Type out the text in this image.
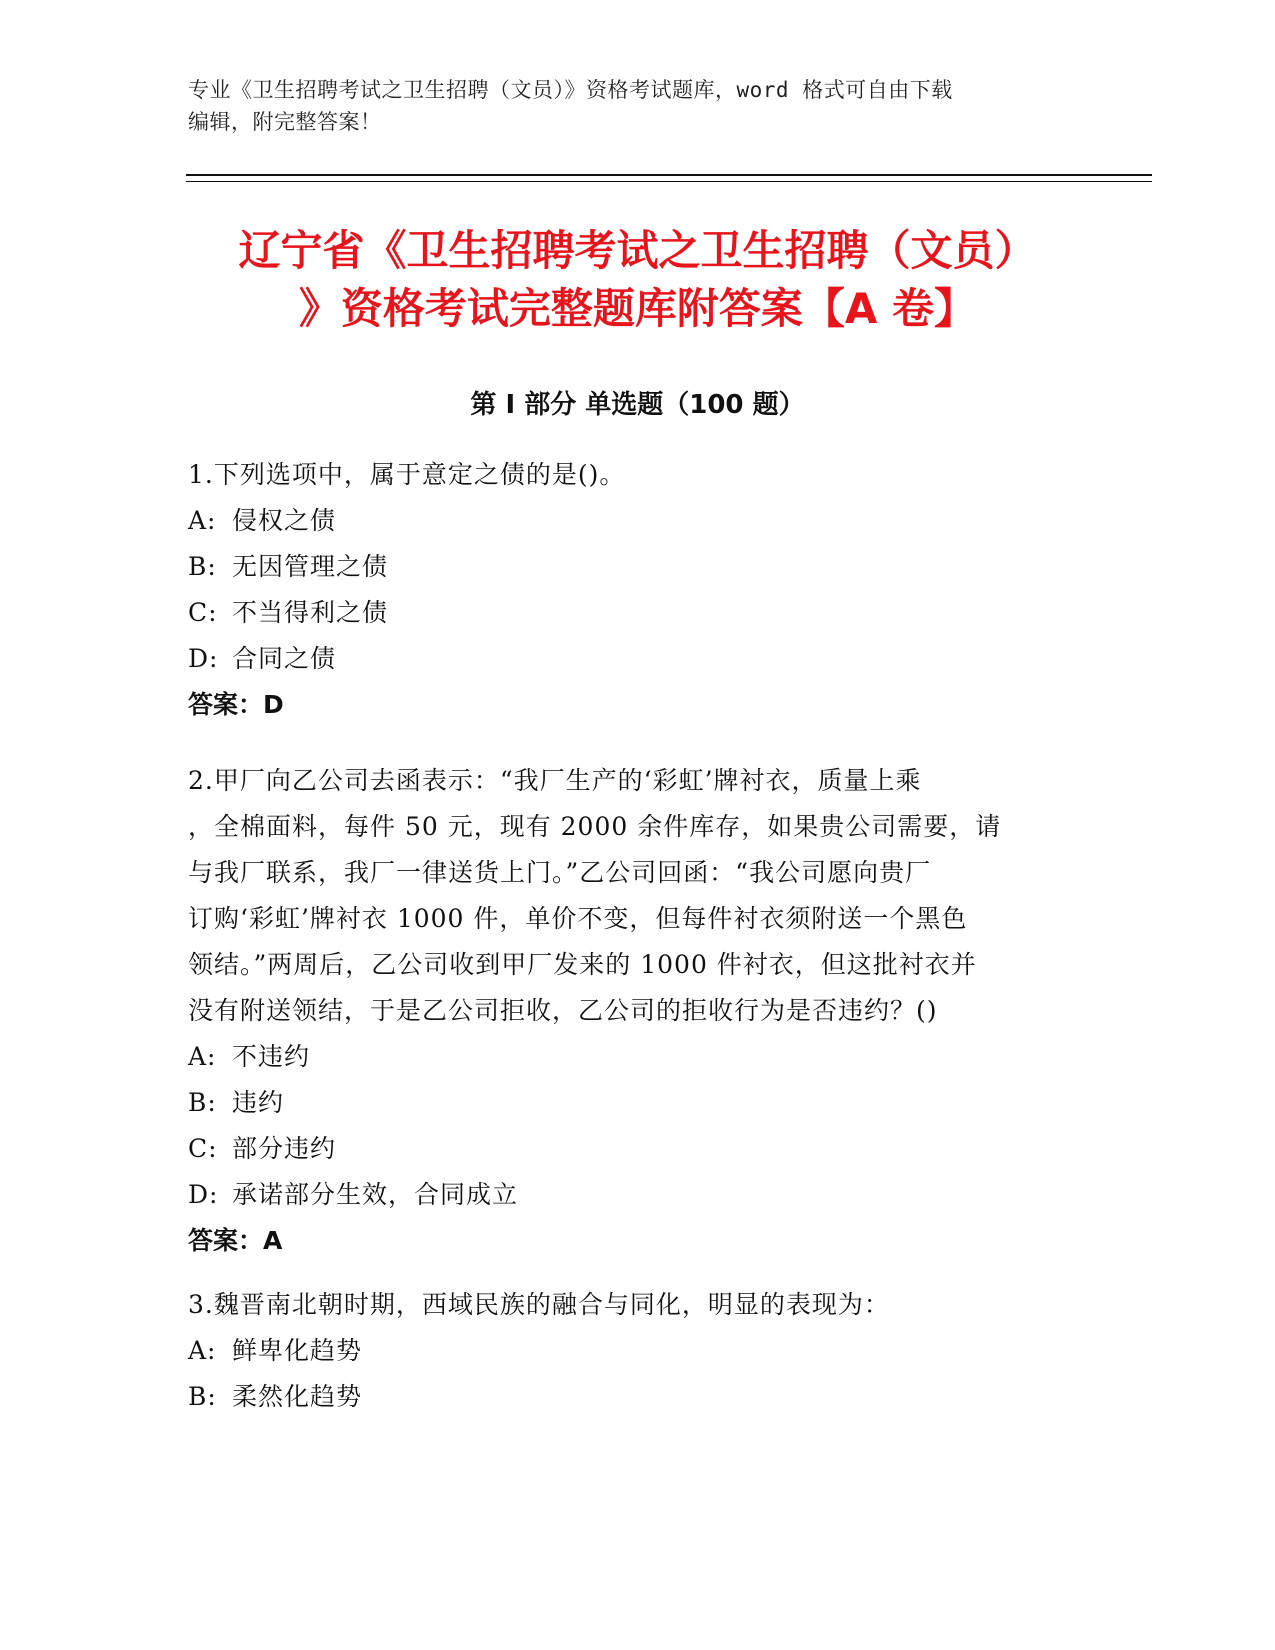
专业《卫生招聘考试之卫生招聘（文员）》资格考试题库，word 格式可自由下载
编辑，附完整答案！
辽宁省《卫生招聘考试之卫生招聘（文员）
》资格考试完整题库附答案【A 卷】
第 I 部分 单选题（100 题）

1.下列选项中，属于意定之债的是()。

A: 侵权之债

B: 无因管理之债

C: 不当得利之债

D: 合同之债

答案：D

2.甲厂向乙公司去函表示：“我厂生产的‘彩虹’牌衬衣，质量上乘

，全棉面料，每件 50 元，现有 2000 余件库存，如果贵公司需要，请

与我厂联系，我厂一律送货上门。”乙公司回函：“我公司愿向贵厂

订购‘彩虹’牌衬衣 1000 件，单价不变，但每件衬衣须附送一个黑色

领结。”两周后，乙公司收到甲厂发来的 1000 件衬衣，但这批衬衣并

没有附送领结，于是乙公司拒收，乙公司的拒收行为是否违约？()

A: 不违约

B: 违约

C: 部分违约

D: 承诺部分生效，合同成立

答案：A

3.魏晋南北朝时期，西域民族的融合与同化，明显的表现为：

A: 鲜卑化趋势

B: 柔然化趋势
